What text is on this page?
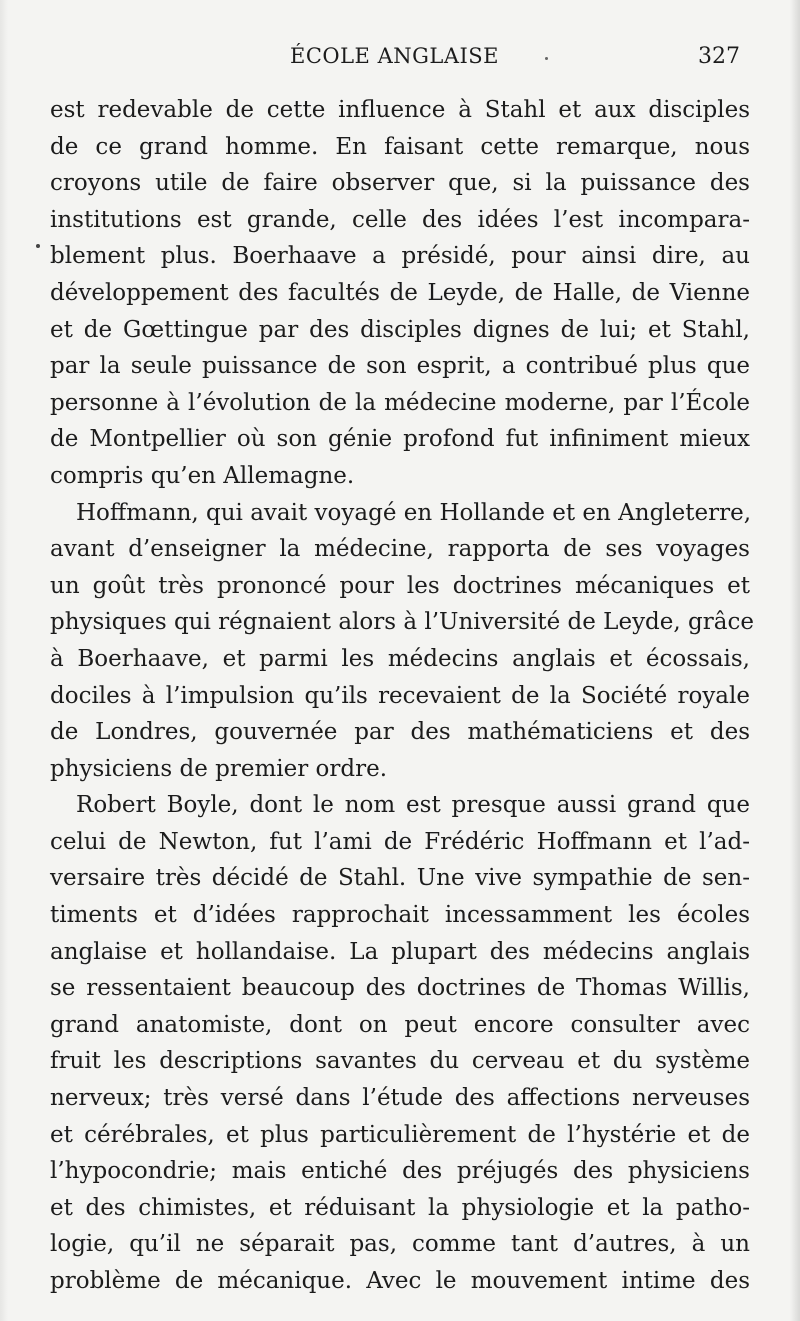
ÉCOLE ANGLAISE	327
est redevable de cette influence à Stahl et aux disciples
de ce grand homme. En faisant cette remarque, nous
croyons utile de faire observer que, si la puissance des
institutions est grande, celle des idées l’est incompara-
blement plus. Boerhaave a présidé, pour ainsi dire, au
développement des facultés de Leyde, de Halle, de Vienne
et de Gœttingue par des disciples dignes de lui; et Stahl,
par la seule puissance de son esprit, a contribué plus que
personne à l’évolution de la médecine moderne, par l’École
de Montpellier où son génie profond fut infiniment mieux
compris qu’en Allemagne.
Hoffmann, qui avait voyagé en Hollande et en Angleterre,
avant d’enseigner la médecine, rapporta de ses voyages
un goût très prononcé pour les doctrines mécaniques et
physiques qui régnaient alors à l’Université de Leyde, grâce
à Boerhaave, et parmi les médecins anglais et écossais,
dociles à l’impulsion qu’ils recevaient de la Société royale
de Londres, gouvernée par des mathématiciens et des
physiciens de premier ordre.
Robert Boyle, dont le nom est presque aussi grand que
celui de Newton, fut l’ami de Frédéric Hoffmann et l’ad-
versaire très décidé de Stahl. Une vive sympathie de sen-
timents et d’idées rapprochait incessamment les écoles
anglaise et hollandaise. La plupart des médecins anglais
se ressentaient beaucoup des doctrines de Thomas Willis,
grand anatomiste, dont on peut encore consulter avec
fruit les descriptions savantes du cerveau et du système
nerveux; très versé dans l’étude des affections nerveuses
et cérébrales, et plus particulièrement de l’hystérie et de
l’hypocondrie; mais entiché des préjugés des physiciens
et des chimistes, et réduisant la physiologie et la patho-
logie, qu’il ne séparait pas, comme tant d’autres, à un
problème de mécanique. Avec le mouvement intime des
